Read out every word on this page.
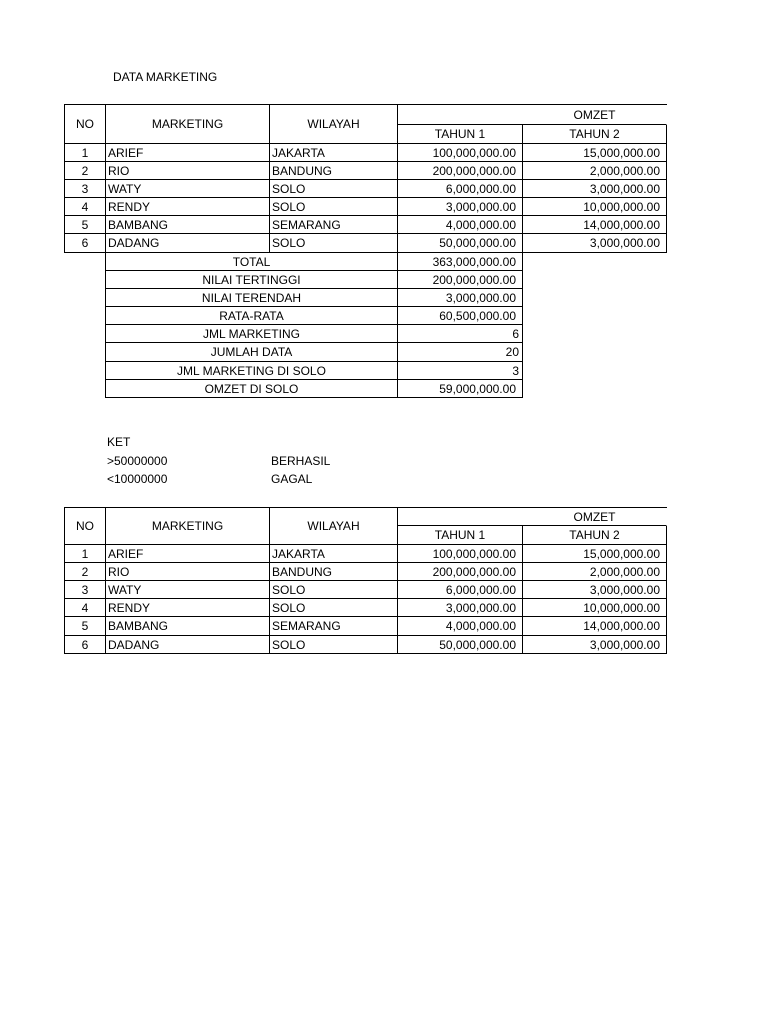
DATA MARKETING
NO	MARKETING	WILAYAH
OMZET
TAHUN 1	TAHUN 2
1	ARIEF	JAKARTA	100,000,000.00	15,000,000.00
2	RIO	BANDUNG	200,000,000.00	2,000,000.00
3	WATY	SOLO	6,000,000.00	3,000,000.00
4	RENDY	SOLO	3,000,000.00	10,000,000.00
5	BAMBANG	SEMARANG	4,000,000.00	14,000,000.00
6	DADANG	SOLO	50,000,000.00	3,000,000.00
TOTAL	363,000,000.00
NILAI TERTINGGI	200,000,000.00
NILAI TERENDAH	3,000,000.00
RATA-RATA	60,500,000.00
JML MARKETING	6
JUMLAH DATA	20
JML MARKETING DI SOLO	3
OMZET DI SOLO	59,000,000.00
KET
>50000000	BERHASIL
<10000000	GAGAL
NO	MARKETING	WILAYAH
OMZET
TAHUN 1	TAHUN 2
1	ARIEF	JAKARTA	100,000,000.00	15,000,000.00
2	RIO	BANDUNG	200,000,000.00	2,000,000.00
3	WATY	SOLO	6,000,000.00	3,000,000.00
4	RENDY	SOLO	3,000,000.00	10,000,000.00
5	BAMBANG	SEMARANG	4,000,000.00	14,000,000.00
6	DADANG	SOLO	50,000,000.00	3,000,000.00
